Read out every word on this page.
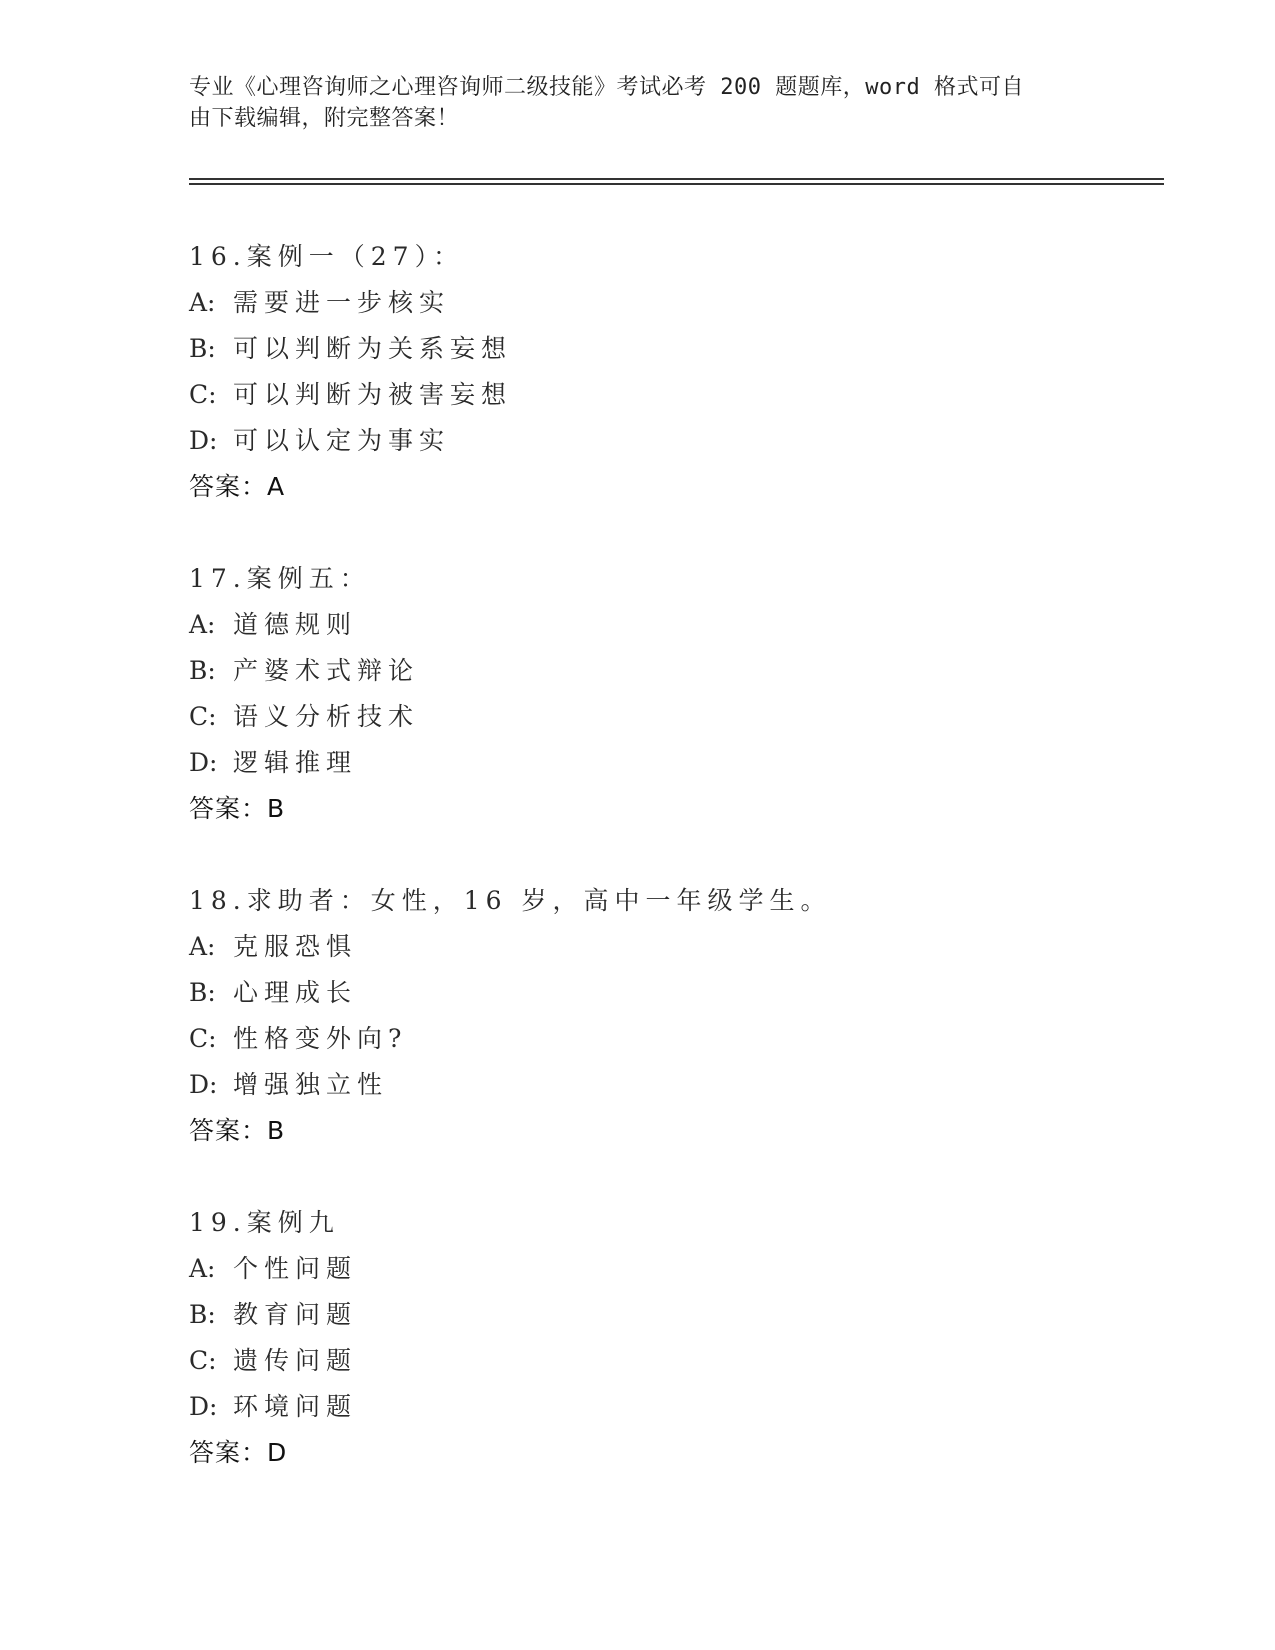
专业《心理咨询师之心理咨询师二级技能》考试必考 200 题题库，word 格式可自
由下载编辑，附完整答案！
16.案例一（27）：
A: 需要进一步核实
B: 可以判断为关系妄想
C: 可以判断为被害妄想
D: 可以认定为事实
答案：A
17.案例五：
A: 道德规则
B: 产婆术式辩论
C: 语义分析技术
D: 逻辑推理
答案：B
18.求助者：女性，16 岁，高中一年级学生。
A: 克服恐惧
B: 心理成长
C: 性格变外向?
D: 增强独立性
答案：B
19.案例九
A: 个性问题
B: 教育问题
C: 遗传问题
D: 环境问题
答案：D
